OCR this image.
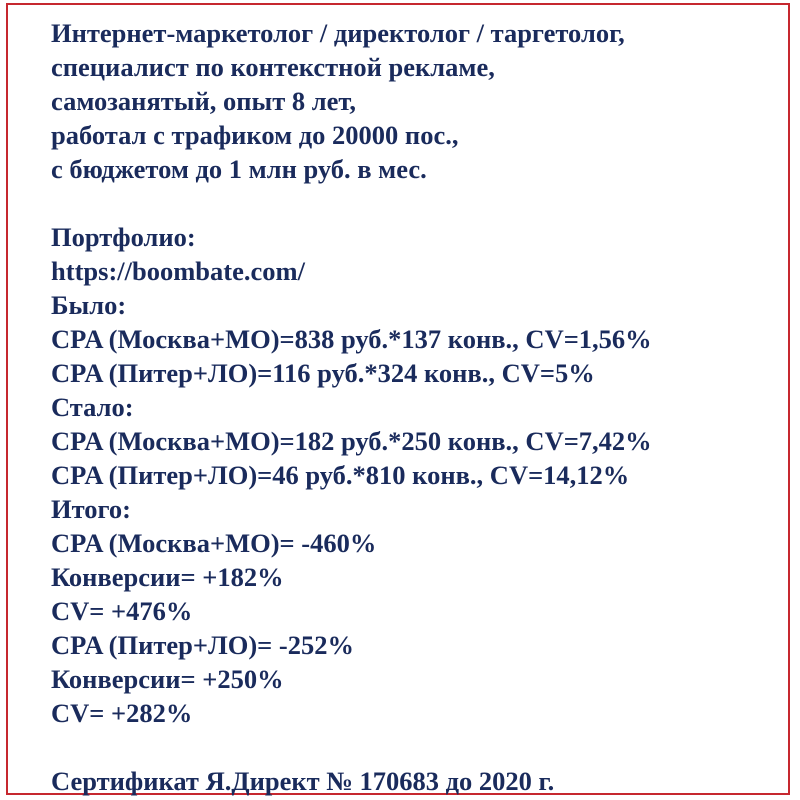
Интернет-маркетолог / директолог / таргетолог,
специалист по контекстной рекламе,
самозанятый, опыт 8 лет,
работал с трафиком до 20000 пос.,
с бюджетом до 1 млн руб. в мес.
Портфолио:
https://boombate.com/
Было:
CPA (Москва+МО)=838 руб.*137 конв., CV=1,56%
CPA (Питер+ЛО)=116 руб.*324 конв., CV=5%
Стало:
CPA (Москва+МО)=182 руб.*250 конв., CV=7,42%
CPA (Питер+ЛО)=46 руб.*810 конв., CV=14,12%
Итого:
CPA (Москва+МО)= -460%
Конверсии= +182%
CV= +476%
CPA (Питер+ЛО)= -252%
Конверсии= +250%
CV= +282%
Сертификат Я.Директ № 170683 до 2020 г.
